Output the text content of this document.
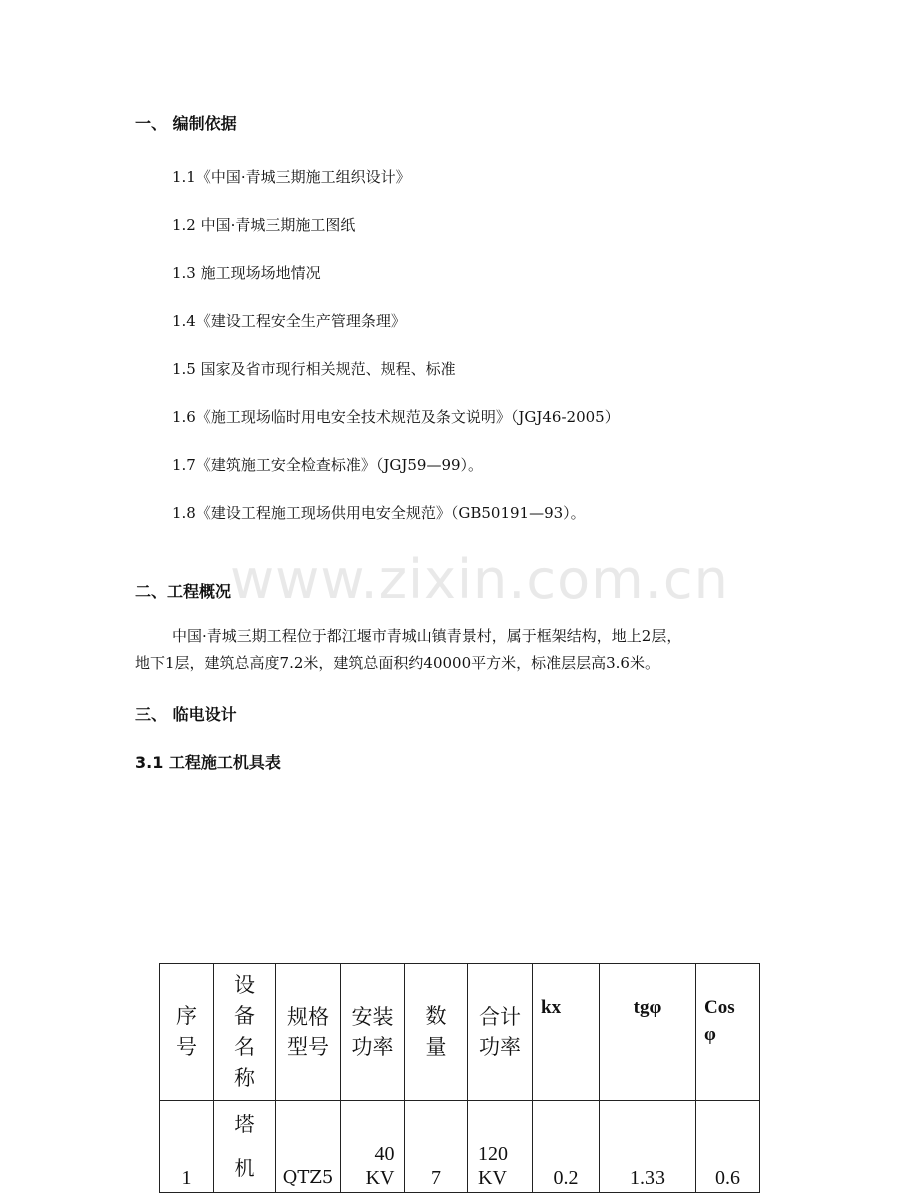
一、 编制依据
1.1《中国·青城三期施工组织设计》
1.2 中国·青城三期施工图纸
1.3 施工现场场地情况
1.4《建设工程安全生产管理条理》
1.5 国家及省市现行相关规范、规程、标准
1.6《施工现场临时用电安全技术规范及条文说明》（JGJ46-2005）
1.7《建筑施工安全检查标准》（JGJ59—99）。
1.8《建设工程施工现场供用电安全规范》（GB50191—93）。
www.zixin.com.cn
二、工程概况
中国·青城三期工程位于都江堰市青城山镇青景村，属于框架结构，地上2层，
地下1层，建筑总高度7.2米，建筑总面积约40000平方米，标准层层高3.6米。
三、 临电设计
3.1 工程施工机具表
序号	设备名称	规格型号	安装功率	数量	合计功率	kx	tgφ	Cos φ
1	塔机	QTZ5	40 KV	7	120 KV	0.2	1.33	0.6
